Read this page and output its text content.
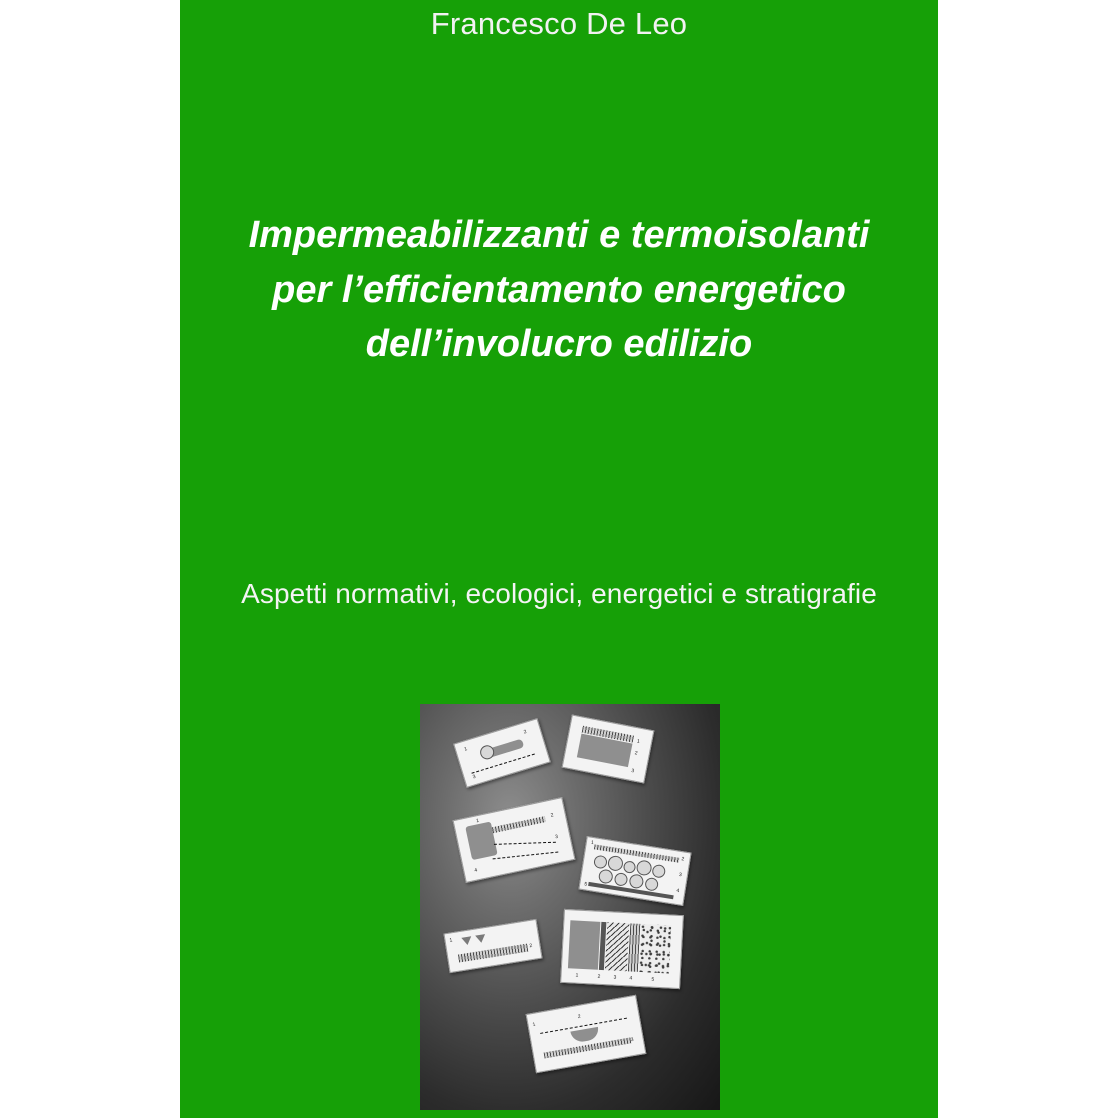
Francesco De Leo
Impermeabilizzanti e termoisolanti
per l’efficientamento energetico
dell’involucro edilizio
Aspetti normativi, ecologici, energetici e stratigrafie
1
2
3
1
2
3
1
2
3
4
1
2
3
4
5
1
2
1	2	3	4	5
1
2
3
